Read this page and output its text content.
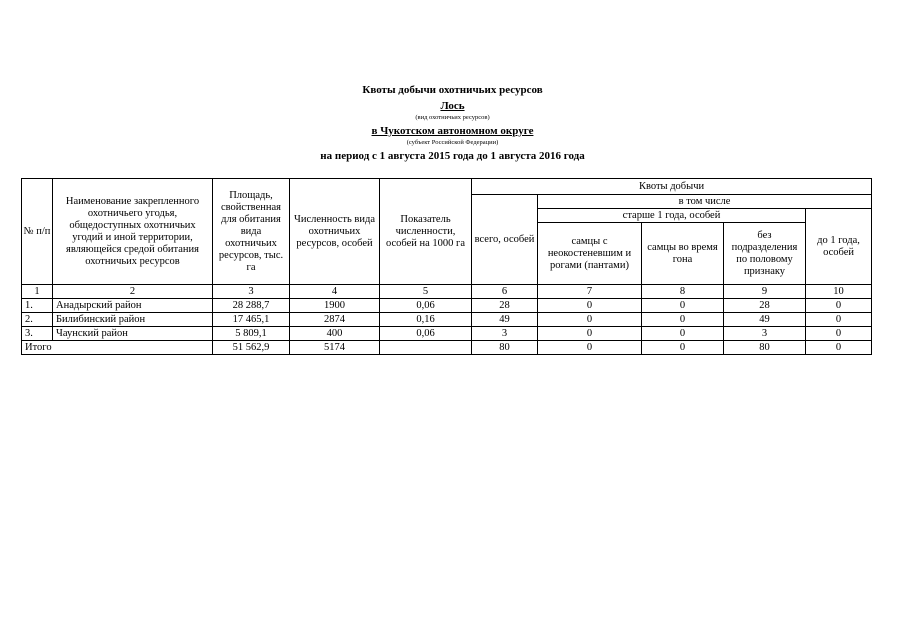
Квоты добычи охотничьих ресурсов
Лось
(вид охотничьих ресурсов)
в Чукотском автономном округе
(субъект Российской Федерации)
на период с 1 августа 2015 года до 1 августа 2016 года
№ п/п	Наименование закрепленного охотничьего угодья, общедоступных охотничьих угодий и иной территории, являющейся средой обитания охотничьих ресурсов	Площадь, свойственная для обитания вида охотничьих ресурсов, тыс. га	Численность вида охотничьих ресурсов, особей	Показатель численности, особей на 1000 га	Квоты добычи				
					всего, особей	в том числе			
						старше 1 года, особей			до 1 года, особей
						самцы с неокостеневшим и рогами (пантами)	самцы во время гона	без подразделения по половому признаку	
1	2	3	4	5	6	7	8	9	10
1.	Анадырский район	28 288,7	1900	0,06	28	0	0	28	0
2.	Билибинский район	17 465,1	2874	0,16	49	0	0	49	0
3.	Чаунский район	5 809,1	400	0,06	3	0	0	3	0
Итого		51 562,9	5174		80	0	0	80	0
